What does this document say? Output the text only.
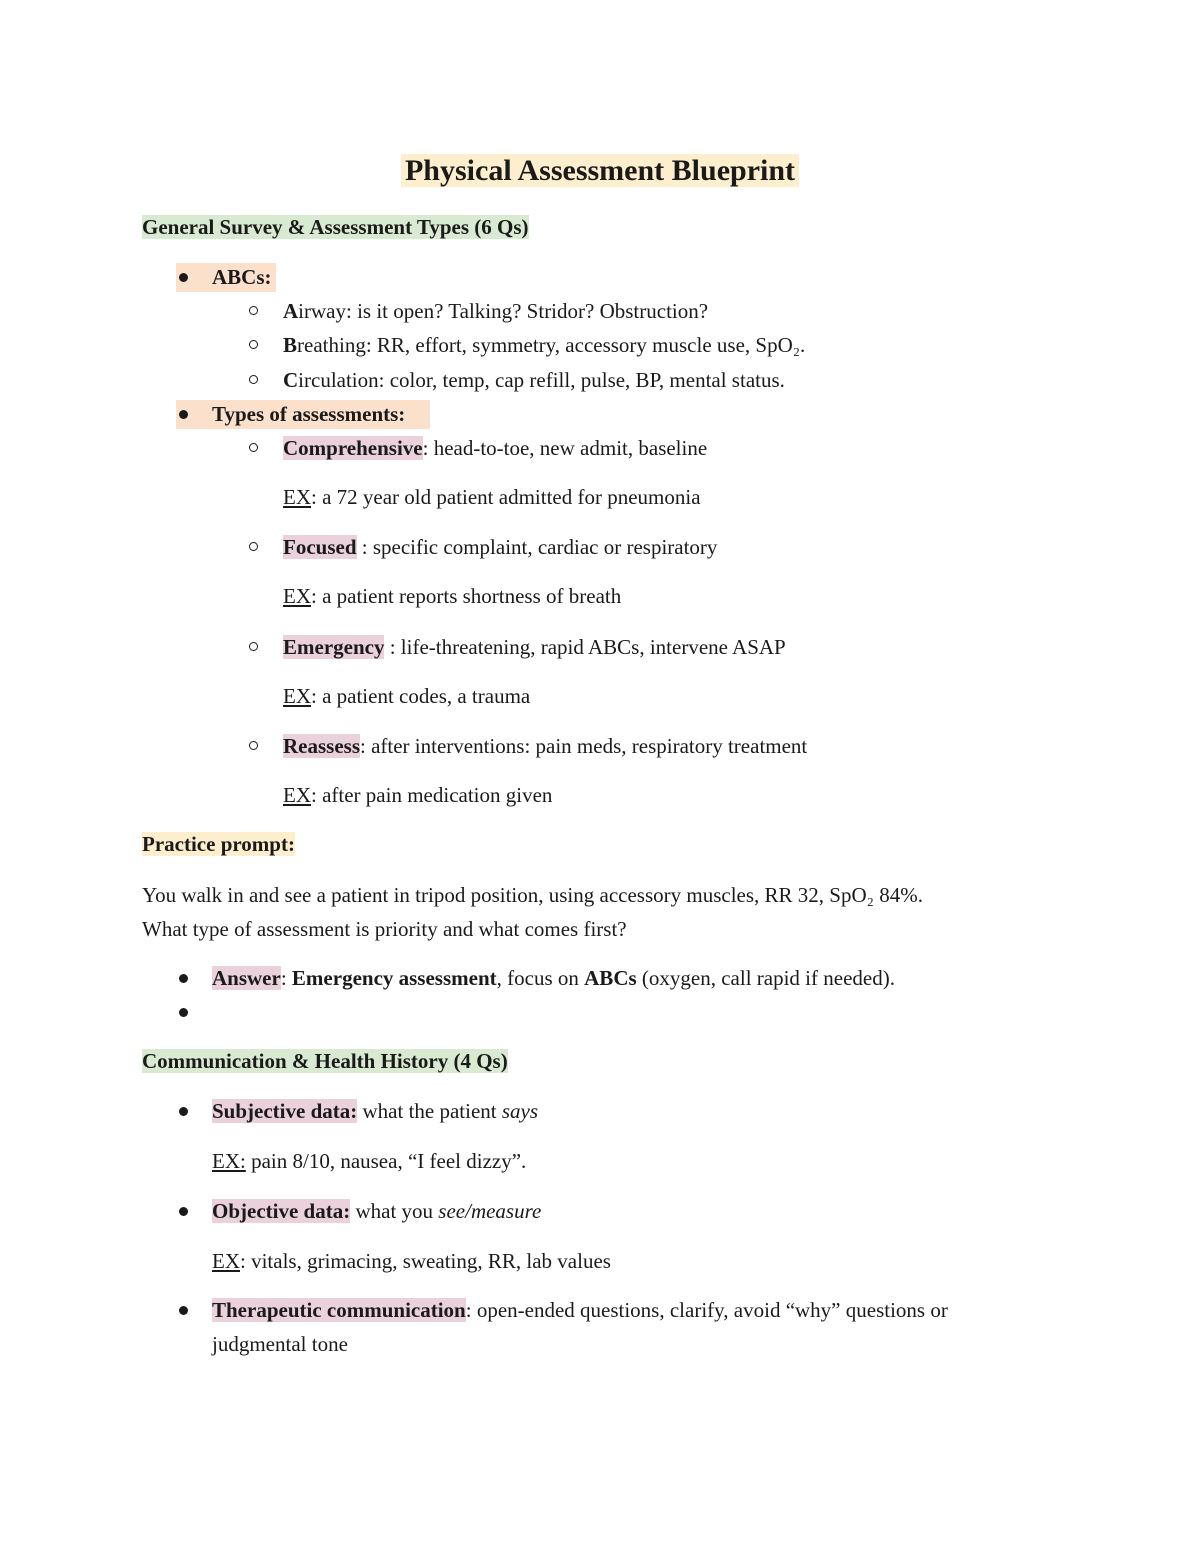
Physical Assessment Blueprint
General Survey & Assessment Types (6 Qs)
ABCs:
Airway: is it open? Talking? Stridor? Obstruction?
Breathing: RR, effort, symmetry, accessory muscle use, SpO₂.
Circulation: color, temp, cap refill, pulse, BP, mental status.
Types of assessments:
Comprehensive: head-to-toe, new admit, baseline
EX: a 72 year old patient admitted for pneumonia
Focused : specific complaint, cardiac or respiratory
EX: a patient reports shortness of breath
Emergency : life-threatening, rapid ABCs, intervene ASAP
EX: a patient codes, a trauma
Reassess: after interventions: pain meds, respiratory treatment
EX: after pain medication given
Practice prompt:
You walk in and see a patient in tripod position, using accessory muscles, RR 32, SpO₂ 84%.
What type of assessment is priority and what comes first?
Answer: Emergency assessment, focus on ABCs (oxygen, call rapid if needed).
Communication & Health History (4 Qs)
Subjective data: what the patient says
EX: pain 8/10, nausea, “I feel dizzy”.
Objective data: what you see/measure
EX: vitals, grimacing, sweating, RR, lab values
Therapeutic communication: open-ended questions, clarify, avoid “why” questions or
judgmental tone
